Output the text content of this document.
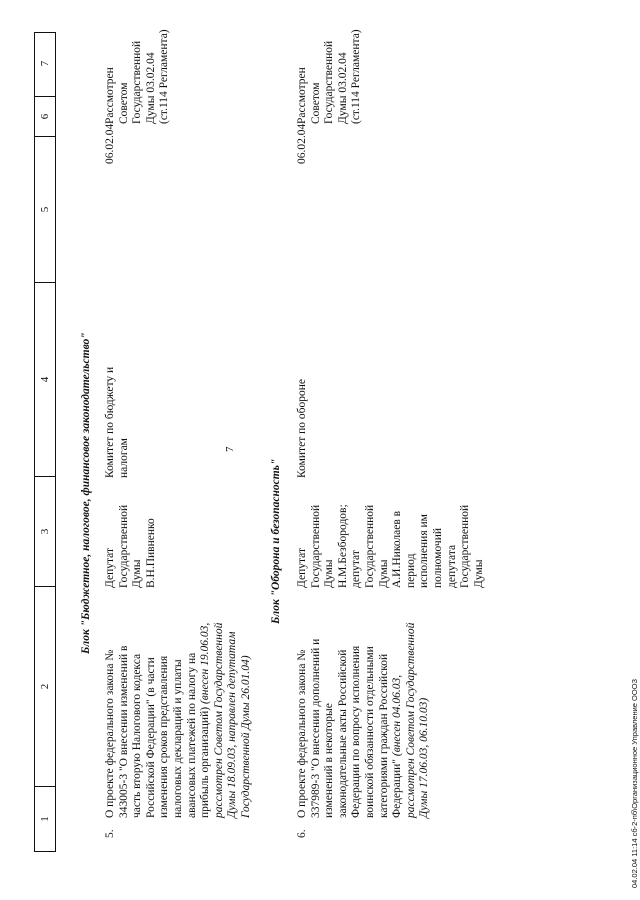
7
1
2
3
4
5
6
7
Блок "Бюджетное, налоговое, финансовое законодательство"
5.
О проекте федерального закона № 343005-3 "О внесении изменений в часть вторую Налогового кодекса Российской Федерации" (в части изменения сроков представления налоговых деклараций и уплаты авансовых платежей по налогу на прибыль организаций) (внесен 19.06.03, рассмотрен Советом Государственной Думы 18.09.03, направлен депутатам Государственной Думы 26.01.04)
Депутат Государственной Думы В.Н.Пивненко
Комитет по бюджету и налогам
06.02.04
Рассмотрен Советом Государственной Думы 03.02.04 (ст.114 Регламента)
Блок "Оборона и безопасность"
6.
О проекте федерального закона № 337989-3 "О внесении дополнений и изменений в некоторые законодательные акты Российской Федерации по вопросу исполнения воинской обязанности отдельными категориями граждан Российской Федерации" (внесен 04.06.03, рассмотрен Советом Государственной Думы 17.06.03, 06.10.03)
Депутат Государственной Думы Н.М.Безбородов; депутат Государственной Думы А.И.Николаев в период исполнения им полномочий депутата Государственной Думы
Комитет по обороне
06.02.04
Рассмотрен Советом Государственной Думы 03.02.04 (ст.114 Регламента)
04.02.04 11:14 сб-2-пб\Организационное Управление ОООЗ
